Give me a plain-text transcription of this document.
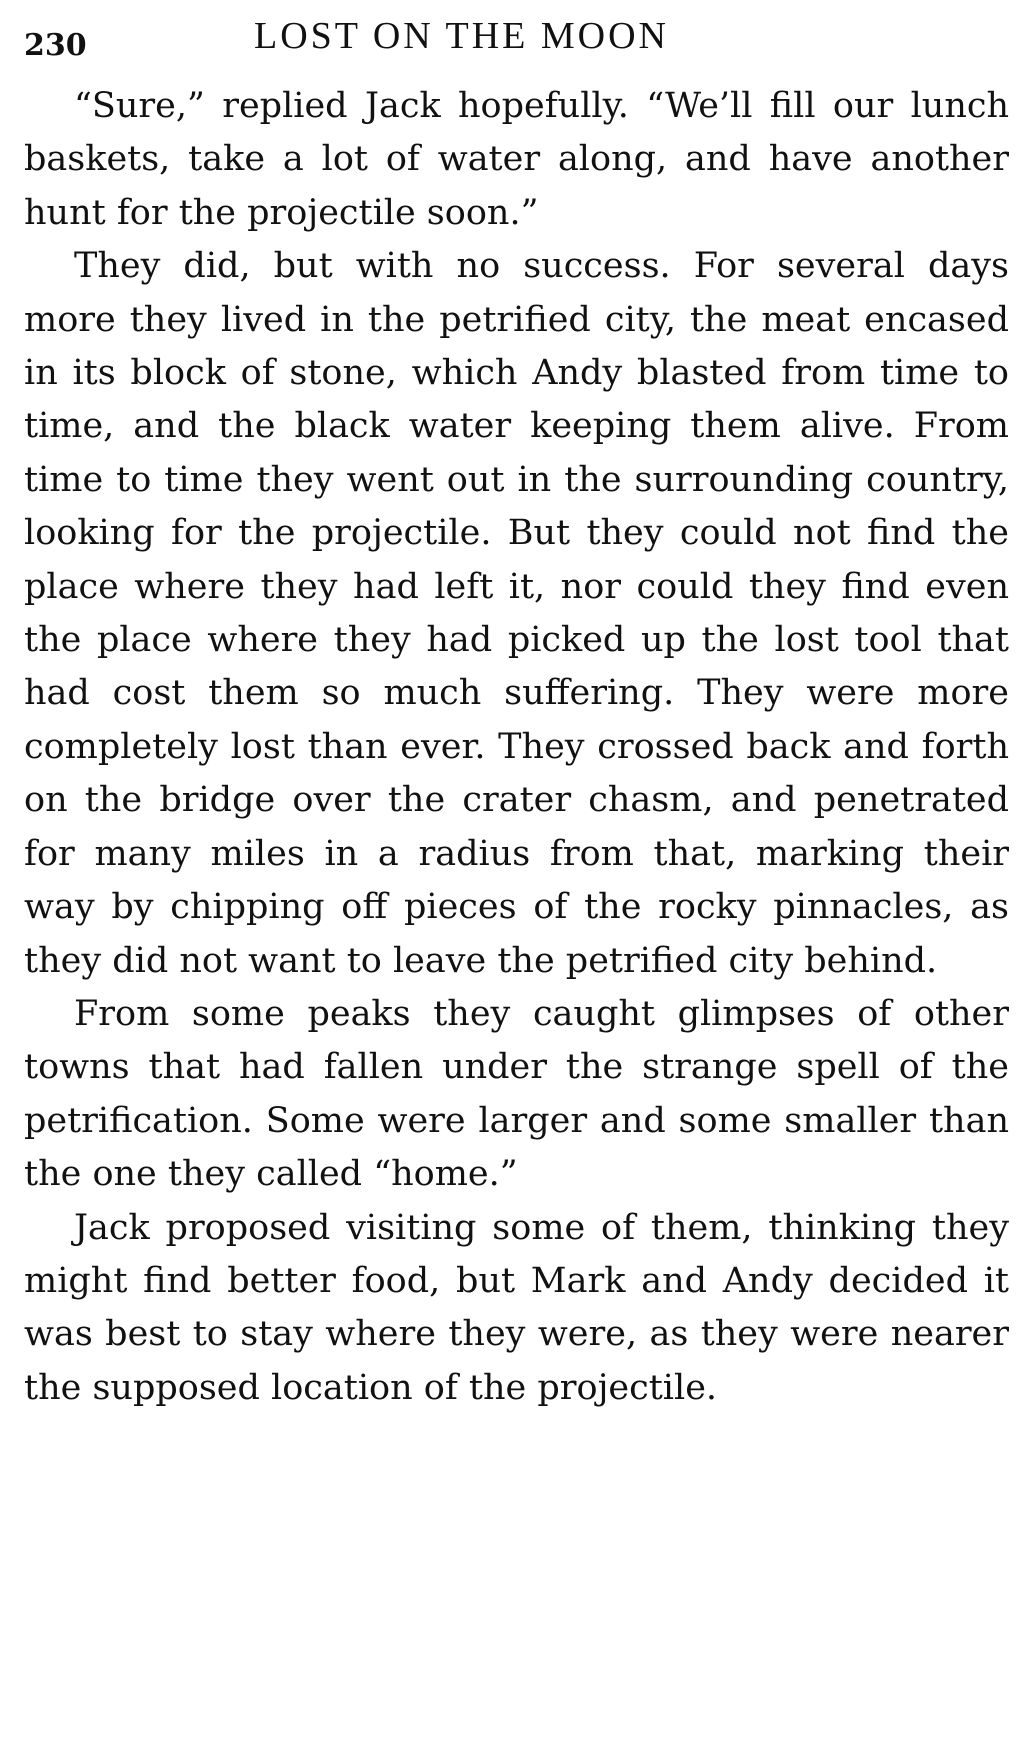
230	LOST ON THE MOON

“Sure,” replied Jack hopefully. “We’ll fill our lunch baskets, take a lot of water along, and have another hunt for the projectile soon.”

They did, but with no success. For several days more they lived in the petrified city, the meat encased in its block of stone, which Andy blasted from time to time, and the black water keeping them alive. From time to time they went out in the surrounding country, looking for the projectile. But they could not find the place where they had left it, nor could they find even the place where they had picked up the lost tool that had cost them so much suffering. They were more completely lost than ever. They crossed back and forth on the bridge over the crater chasm, and penetrated for many miles in a radius from that, marking their way by chipping off pieces of the rocky pinnacles, as they did not want to leave the petrified city behind.

From some peaks they caught glimpses of other towns that had fallen under the strange spell of the petrification. Some were larger and some smaller than the one they called “home.”

Jack proposed visiting some of them, thinking they might find better food, but Mark and Andy decided it was best to stay where they were, as they were nearer the supposed location of the projectile.
